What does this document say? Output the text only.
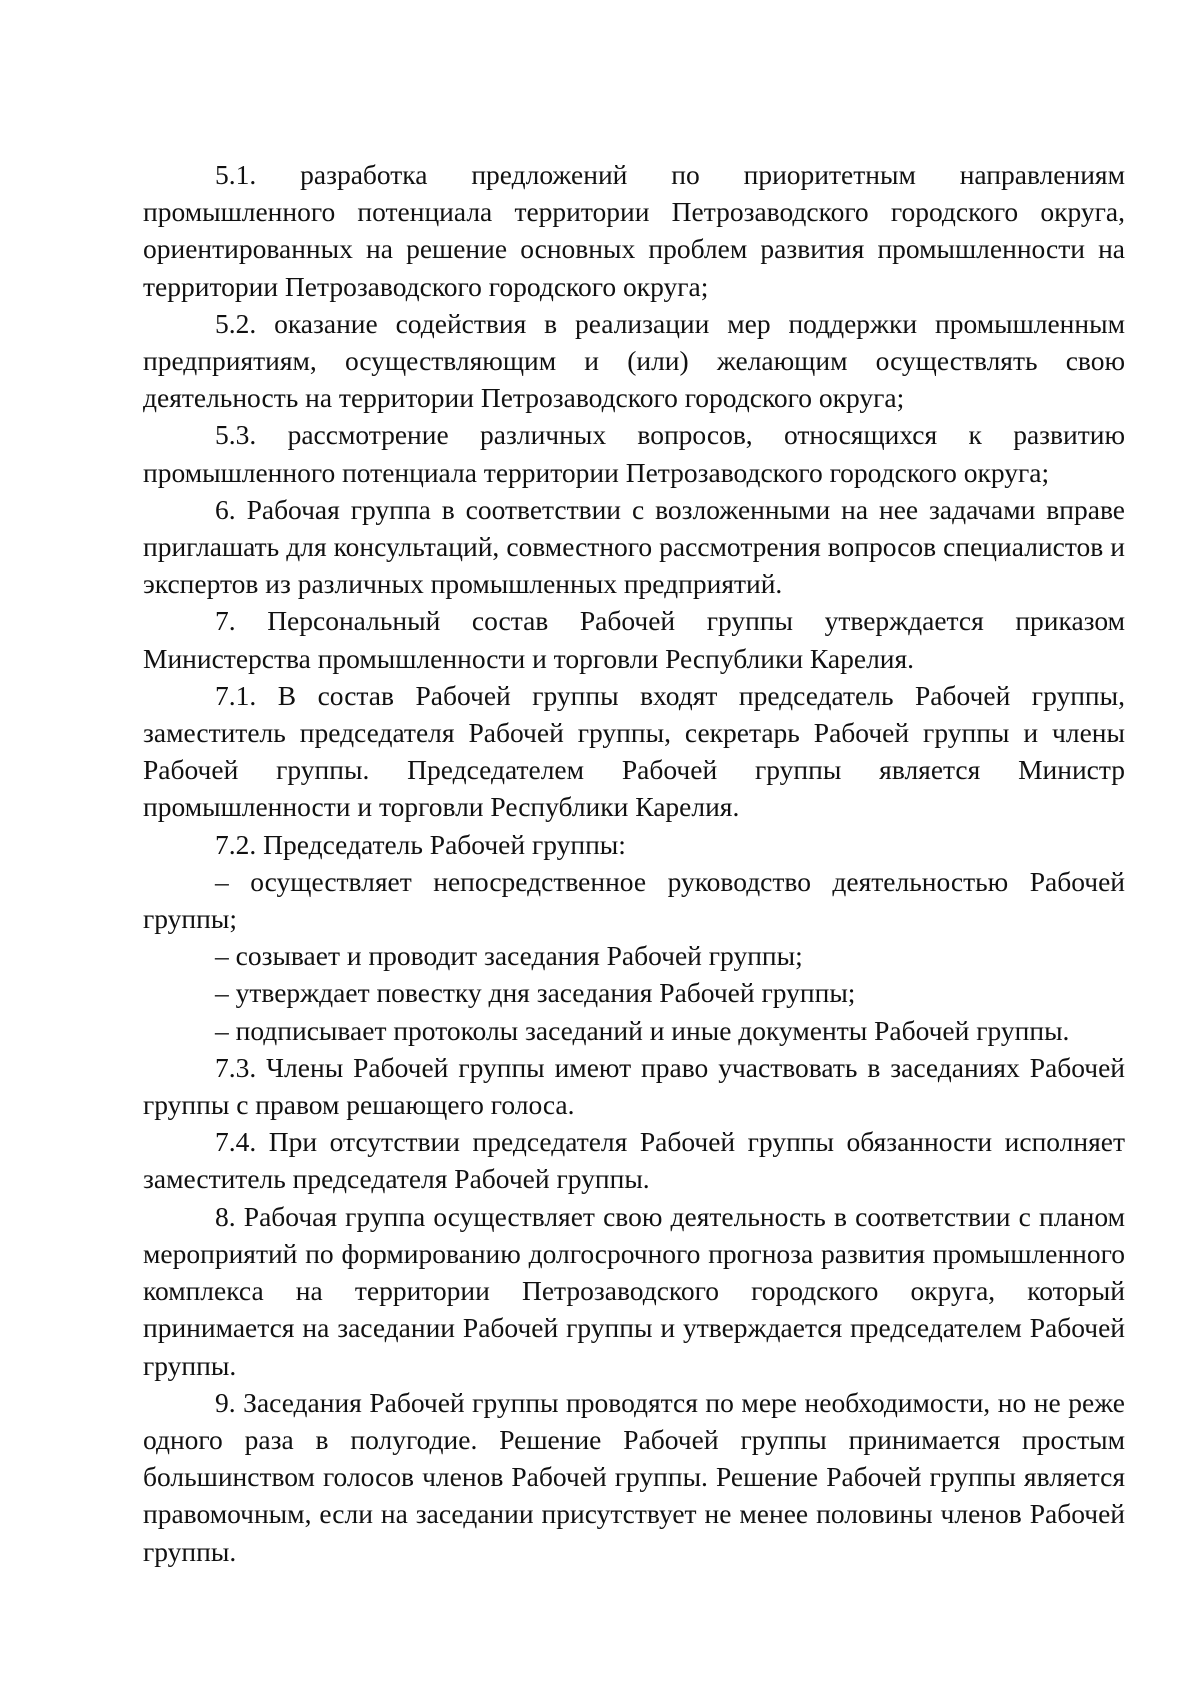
5.1. разработка предложений по приоритетным направлениям промышленного потенциала территории Петрозаводского городского округа, ориентированных на решение основных проблем развития промышленности на территории Петрозаводского городского округа;

5.2. оказание содействия в реализации мер поддержки промышленным предприятиям, осуществляющим и (или) желающим осуществлять свою деятельность на территории Петрозаводского городского округа;

5.3. рассмотрение различных вопросов, относящихся к развитию промышленного потенциала территории Петрозаводского городского округа;

6. Рабочая группа в соответствии с возложенными на нее задачами вправе приглашать для консультаций, совместного рассмотрения вопросов специалистов и экспертов из различных промышленных предприятий.

7. Персональный состав Рабочей группы утверждается приказом Министерства промышленности и торговли Республики Карелия.

7.1. В состав Рабочей группы входят председатель Рабочей группы, заместитель председателя Рабочей группы, секретарь Рабочей группы и члены Рабочей группы. Председателем Рабочей группы является Министр промышленности и торговли Республики Карелия.

7.2. Председатель Рабочей группы:

– осуществляет непосредственное руководство деятельностью Рабочей группы;

– созывает и проводит заседания Рабочей группы;

– утверждает повестку дня заседания Рабочей группы;

– подписывает протоколы заседаний и иные документы Рабочей группы.

7.3. Члены Рабочей группы имеют право участвовать в заседаниях Рабочей группы с правом решающего голоса.

7.4. При отсутствии председателя Рабочей группы обязанности исполняет заместитель председателя Рабочей группы.

8. Рабочая группа осуществляет свою деятельность в соответствии с планом мероприятий по формированию долгосрочного прогноза развития промышленного комплекса на территории Петрозаводского городского округа, который принимается на заседании Рабочей группы и утверждается председателем Рабочей группы.

9. Заседания Рабочей группы проводятся по мере необходимости, но не реже одного раза в полугодие. Решение Рабочей группы принимается простым большинством голосов членов Рабочей группы. Решение Рабочей группы является правомочным, если на заседании присутствует не менее половины членов Рабочей группы.
